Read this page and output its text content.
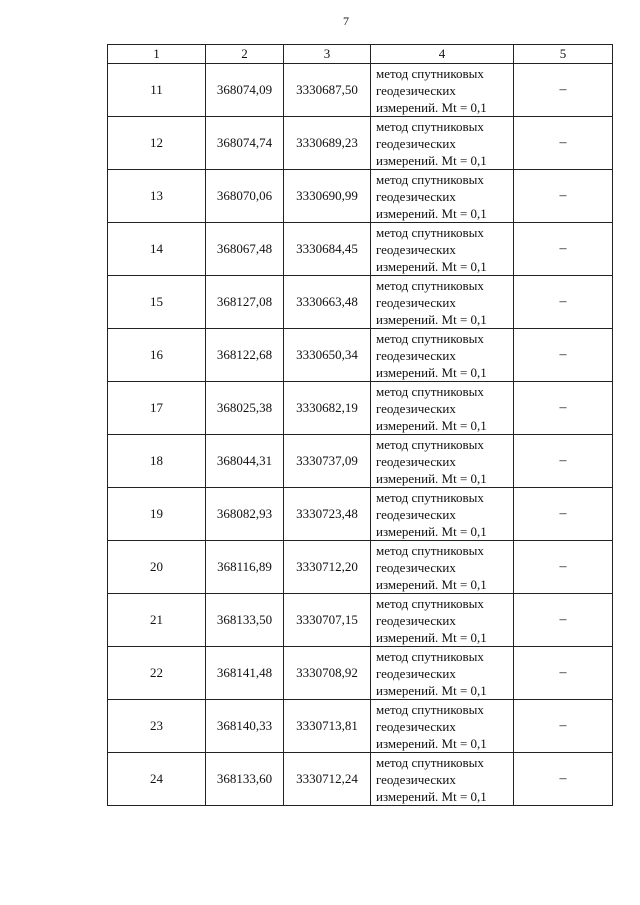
7
1	2	3	4	5
11	368074,09	3330687,50	метод спутниковых
геодезических
измерений. Mt = 0,1	–
12	368074,74	3330689,23	метод спутниковых
геодезических
измерений. Mt = 0,1	–
13	368070,06	3330690,99	метод спутниковых
геодезических
измерений. Mt = 0,1	–
14	368067,48	3330684,45	метод спутниковых
геодезических
измерений. Mt = 0,1	–
15	368127,08	3330663,48	метод спутниковых
геодезических
измерений. Mt = 0,1	–
16	368122,68	3330650,34	метод спутниковых
геодезических
измерений. Mt = 0,1	–
17	368025,38	3330682,19	метод спутниковых
геодезических
измерений. Mt = 0,1	–
18	368044,31	3330737,09	метод спутниковых
геодезических
измерений. Mt = 0,1	–
19	368082,93	3330723,48	метод спутниковых
геодезических
измерений. Mt = 0,1	–
20	368116,89	3330712,20	метод спутниковых
геодезических
измерений. Mt = 0,1	–
21	368133,50	3330707,15	метод спутниковых
геодезических
измерений. Mt = 0,1	–
22	368141,48	3330708,92	метод спутниковых
геодезических
измерений. Mt = 0,1	–
23	368140,33	3330713,81	метод спутниковых
геодезических
измерений. Mt = 0,1	–
24	368133,60	3330712,24	метод спутниковых
геодезических
измерений. Mt = 0,1	–
